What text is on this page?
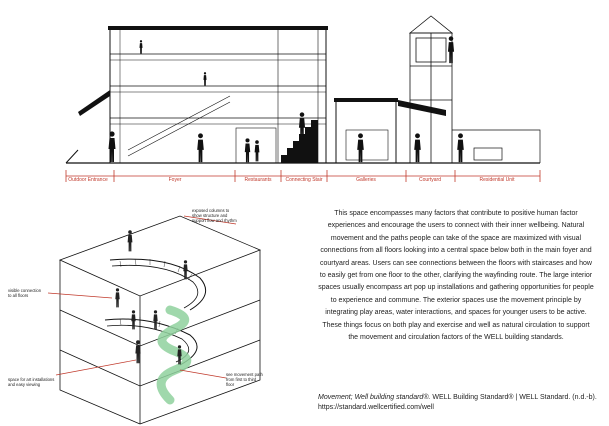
Outdoor Entrance	Foyer	Restaurants	Connecting Stair	Galleries	Courtyard	Residential Unit
exposed columns to
show structure and
support flow and rhythm
visible connection
to all floors
space for art installations
and easy viewing
see movement path
from first to third
floor

This space encompasses many factors that contribute to positive human factor experiences and encourage the users to connect with their inner wellbeing. Natural movement and the paths people can take of the space are maximized with visual connections from all floors looking into a central space below both in the main foyer and courtyard areas. Users can see connections between the floors with staircases and how to easily get from one floor to the other, clarifying the wayfinding route. The large interior spaces usually encompass art pop up installations and gathering opportunities for people to experience and commune. The exterior spaces use the movement principle by integrating play areas, water interactions, and spaces for younger users to be active. These things focus on both play and exercise and well as natural circulation to support the movement and circulation factors of the WELL building standards.

Movement; Well building standard®. WELL Building Standard® | WELL Standard. (n.d.-b).
https://standard.wellcertified.com/well
